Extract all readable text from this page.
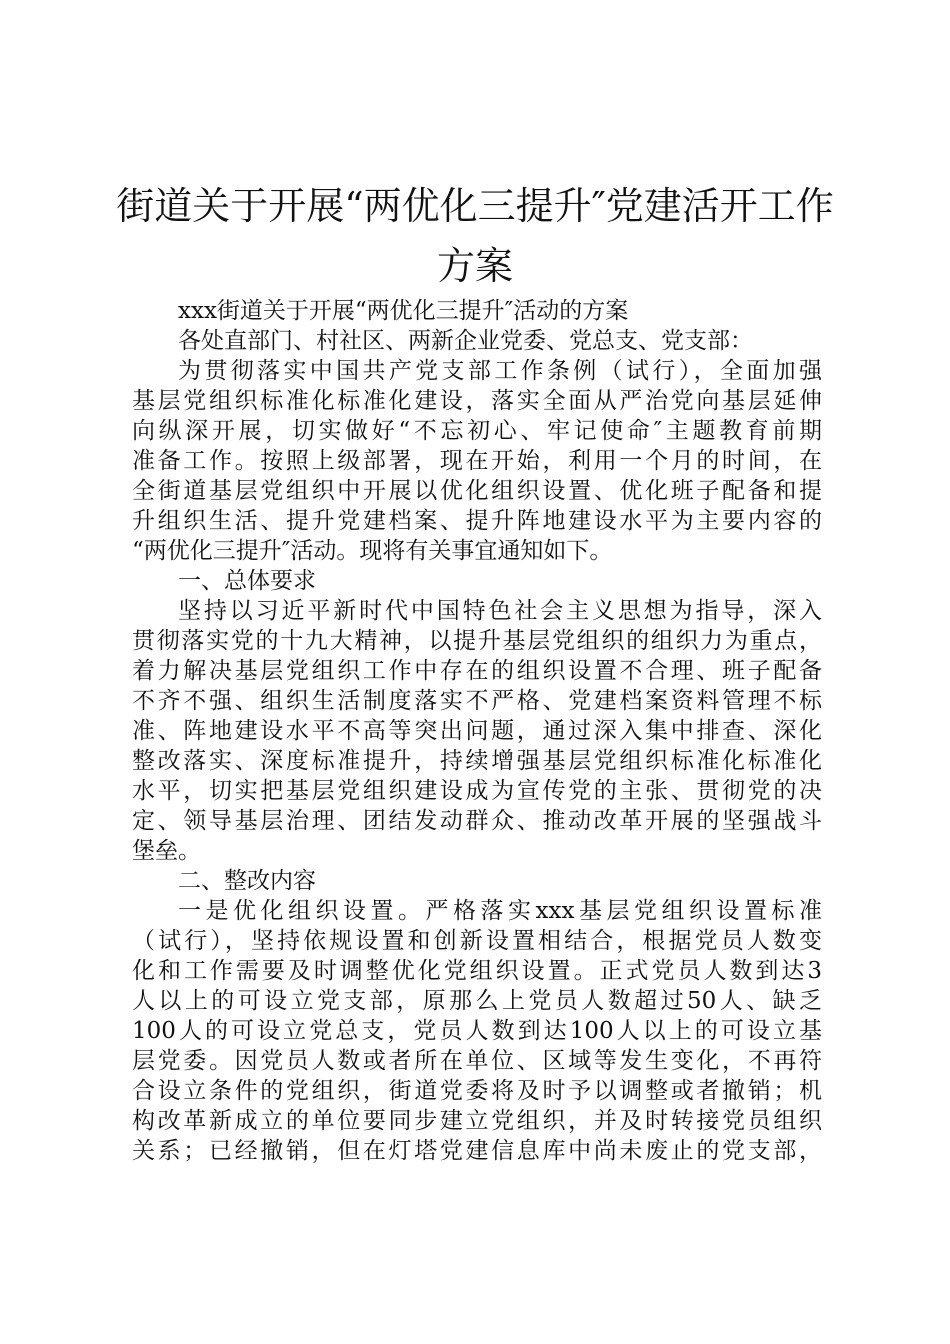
街道关于开展“两优化三提升″党建活开工作
方案
xxx街道关于开展“两优化三提升″活动的方案
各处直部门、村社区、两新企业党委、党总支、党支部：
为贯彻落实中国共产党支部工作条例（试行），全面加强
基层党组织标准化标准化建设，落实全面从严治党向基层延伸
向纵深开展，切实做好“不忘初心、牢记使命″主题教育前期
准备工作。按照上级部署，现在开始，利用一个月的时间，在
全街道基层党组织中开展以优化组织设置、优化班子配备和提
升组织生活、提升党建档案、提升阵地建设水平为主要内容的
“两优化三提升″活动。现将有关事宜通知如下。
一、总体要求
坚持以习近平新时代中国特色社会主义思想为指导，深入
贯彻落实党的十九大精神，以提升基层党组织的组织力为重点，
着力解决基层党组织工作中存在的组织设置不合理、班子配备
不齐不强、组织生活制度落实不严格、党建档案资料管理不标
准、阵地建设水平不高等突出问题，通过深入集中排查、深化
整改落实、深度标准提升，持续增强基层党组织标准化标准化
水平，切实把基层党组织建设成为宣传党的主张、贯彻党的决
定、领导基层治理、团结发动群众、推动改革开展的坚强战斗
堡垒。
二、整改内容
一是优化组织设置。严格落实xxx基层党组织设置标准
（试行），坚持依规设置和创新设置相结合，根据党员人数变
化和工作需要及时调整优化党组织设置。正式党员人数到达3
人以上的可设立党支部，原那么上党员人数超过50人、缺乏
100人的可设立党总支，党员人数到达100人以上的可设立基
层党委。因党员人数或者所在单位、区域等发生变化，不再符
合设立条件的党组织，街道党委将及时予以调整或者撤销；机
构改革新成立的单位要同步建立党组织，并及时转接党员组织
关系；已经撤销，但在灯塔党建信息库中尚未废止的党支部，
